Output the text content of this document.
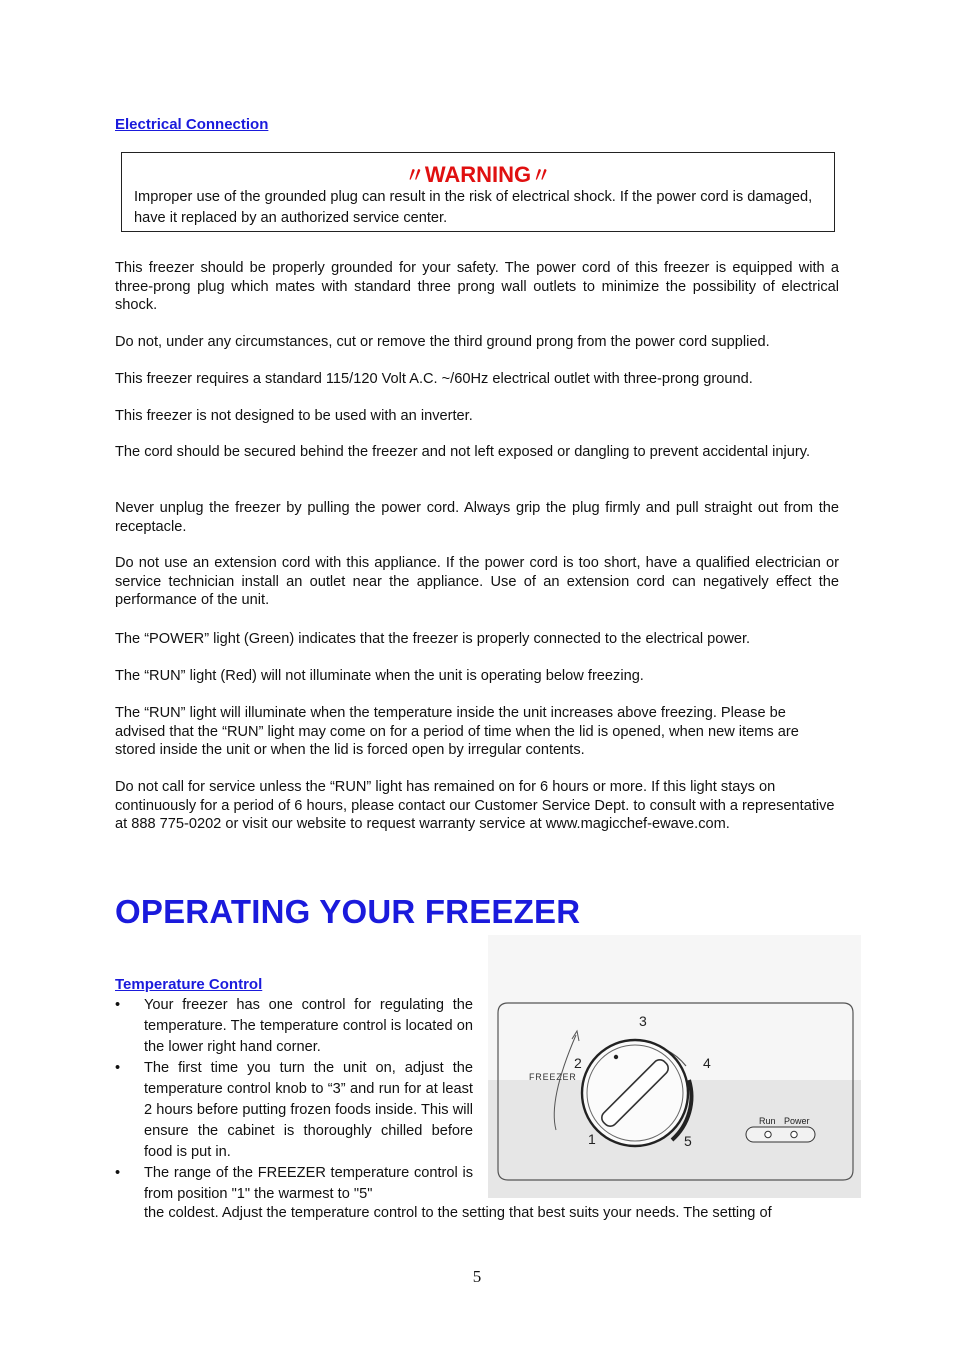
Electrical Connection
〃WARNING〃
Improper use of the grounded plug can result in the risk of electrical shock. If the power cord is damaged, have it replaced by an authorized service center.

This freezer should be properly grounded for your safety. The power cord of this freezer is equipped with a three-prong plug which mates with standard three prong wall outlets to minimize the possibility of electrical shock.

Do not, under any circumstances, cut or remove the third ground prong from the power cord supplied.

This freezer requires a standard 115/120 Volt A.C. ~/60Hz electrical outlet with three-prong ground.

This freezer is not designed to be used with an inverter.

The cord should be secured behind the freezer and not left exposed or dangling to prevent accidental injury.

Never unplug the freezer by pulling the power cord. Always grip the plug firmly and pull straight out from the receptacle.

Do not use an extension cord with this appliance. If the power cord is too short, have a qualified electrician or service technician install an outlet near the appliance. Use of an extension cord can negatively effect the performance of the unit.

The “POWER” light (Green) indicates that the freezer is properly connected to the electrical power.

The “RUN” light (Red) will not illuminate when the unit is operating below freezing.

The “RUN” light will illuminate when the temperature inside the unit increases above freezing. Please be advised that the “RUN” light may come on for a period of time when the lid is opened, when new items are stored inside the unit or when the lid is forced open by irregular contents.

Do not call for service unless the “RUN” light has remained on for 6 hours or more. If this light stays on continuously for a period of 6 hours, please contact our Customer Service Dept. to consult with a representative at 888 775-0202 or visit our website to request warranty service at www.magicchef-ewave.com.

OPERATING YOUR FREEZER
Temperature Control
• Your freezer has one control for regulating the temperature. The temperature control is located on the lower right hand corner.
• The first time you turn the unit on, adjust the temperature control knob to “3” and run for at least 2 hours before putting frozen foods inside. This will ensure the cabinet is thoroughly chilled before food is put in.
• The range of the FREEZER temperature control is from position "1" the warmest to "5"
the coldest. Adjust the temperature control to the setting that best suits your needs. The setting of
FREEZER
1
2
3
4
5
Run Power
5
